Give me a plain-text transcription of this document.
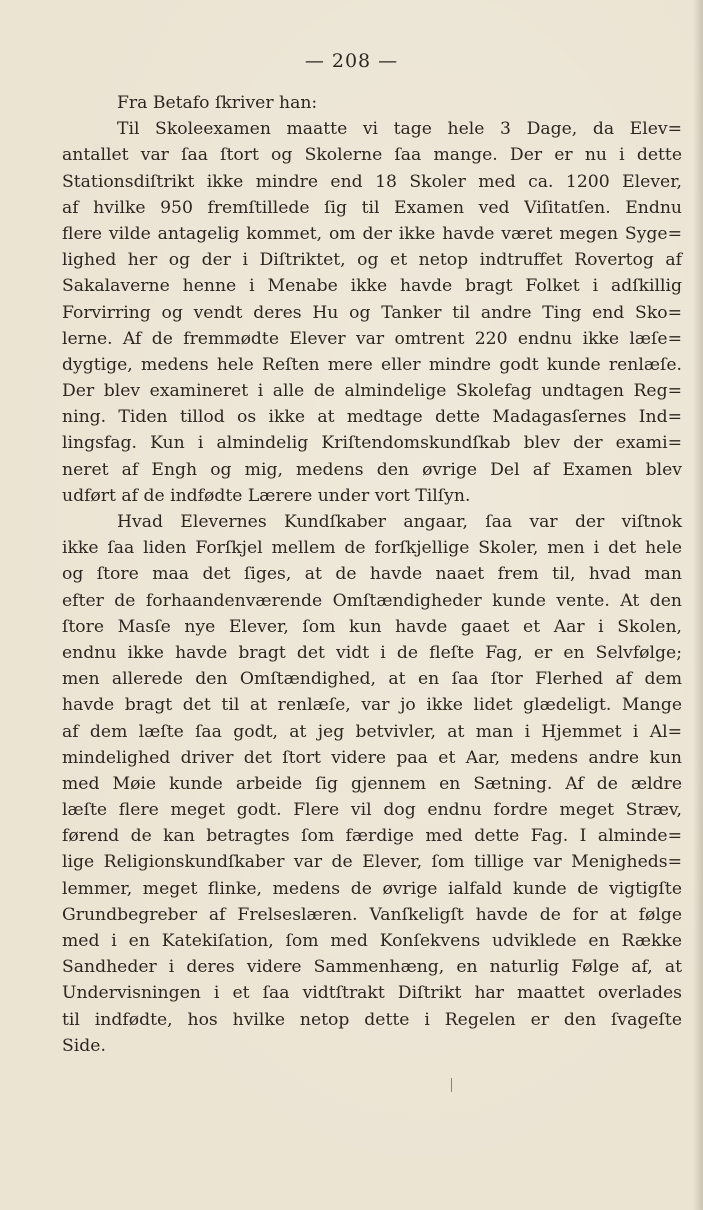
— 208 —
Fra Betafo ſkriver han:
Til Skoleexamen maatte vi tage hele 3 Dage, da Elev=
antallet var ſaa ſtort og Skolerne ſaa mange. Der er nu i dette
Stationsdiſtrikt ikke mindre end 18 Skoler med ca. 1200 Elever,
af hvilke 950 fremſtillede ſig til Examen ved Viſitatſen. Endnu
flere vilde antagelig kommet, om der ikke havde været megen Syge=
lighed her og der i Diſtriktet, og et netop indtruffet Rovertog af
Sakalaverne henne i Menabe ikke havde bragt Folket i adſkillig
Forvirring og vendt deres Hu og Tanker til andre Ting end Sko=
lerne. Af de fremmødte Elever var omtrent 220 endnu ikke læſe=
dygtige, medens hele Reſten mere eller mindre godt kunde renlæſe.
Der blev examineret i alle de almindelige Skolefag undtagen Reg=
ning. Tiden tillod os ikke at medtage dette Madagasſernes Ind=
lingsfag. Kun i almindelig Kriſtendomskundſkab blev der exami=
neret af Engh og mig, medens den øvrige Del af Examen blev
udført af de indfødte Lærere under vort Tilſyn.
Hvad Elevernes Kundſkaber angaar, ſaa var der viſtnok
ikke ſaa liden Forſkjel mellem de forſkjellige Skoler, men i det hele
og ſtore maa det ſiges, at de havde naaet frem til, hvad man
efter de forhaandenværende Omſtændigheder kunde vente. At den
ſtore Masſe nye Elever, ſom kun havde gaaet et Aar i Skolen,
endnu ikke havde bragt det vidt i de fleſte Fag, er en Selvfølge;
men allerede den Omſtændighed, at en ſaa ſtor Flerhed af dem
havde bragt det til at renlæſe, var jo ikke lidet glædeligt. Mange
af dem læſte ſaa godt, at jeg betvivler, at man i Hjemmet i Al=
mindelighed driver det ſtort videre paa et Aar, medens andre kun
med Møie kunde arbeide ſig gjennem en Sætning. Af de ældre
læſte flere meget godt. Flere vil dog endnu fordre meget Stræv,
førend de kan betragtes ſom færdige med dette Fag. I almindе=
lige Religionskundſkaber var de Elever, ſom tillige var Menigheds=
lemmer, meget flinke, medens de øvrige ialfald kunde de vigtigſte
Grundbegreber af Frelseslæren. Vanſkeligſt havde de for at følge
med i en Katekiſation, ſom med Konſekvens udviklede en Række
Sandheder i deres videre Sammenhæng, en naturlig Følge af, at
Undervisningen i et ſaa vidtſtrakt Diſtrikt har maattet overlades
til indfødte, hos hvilke netop dette i Regelen er den ſvageſte
Side.
